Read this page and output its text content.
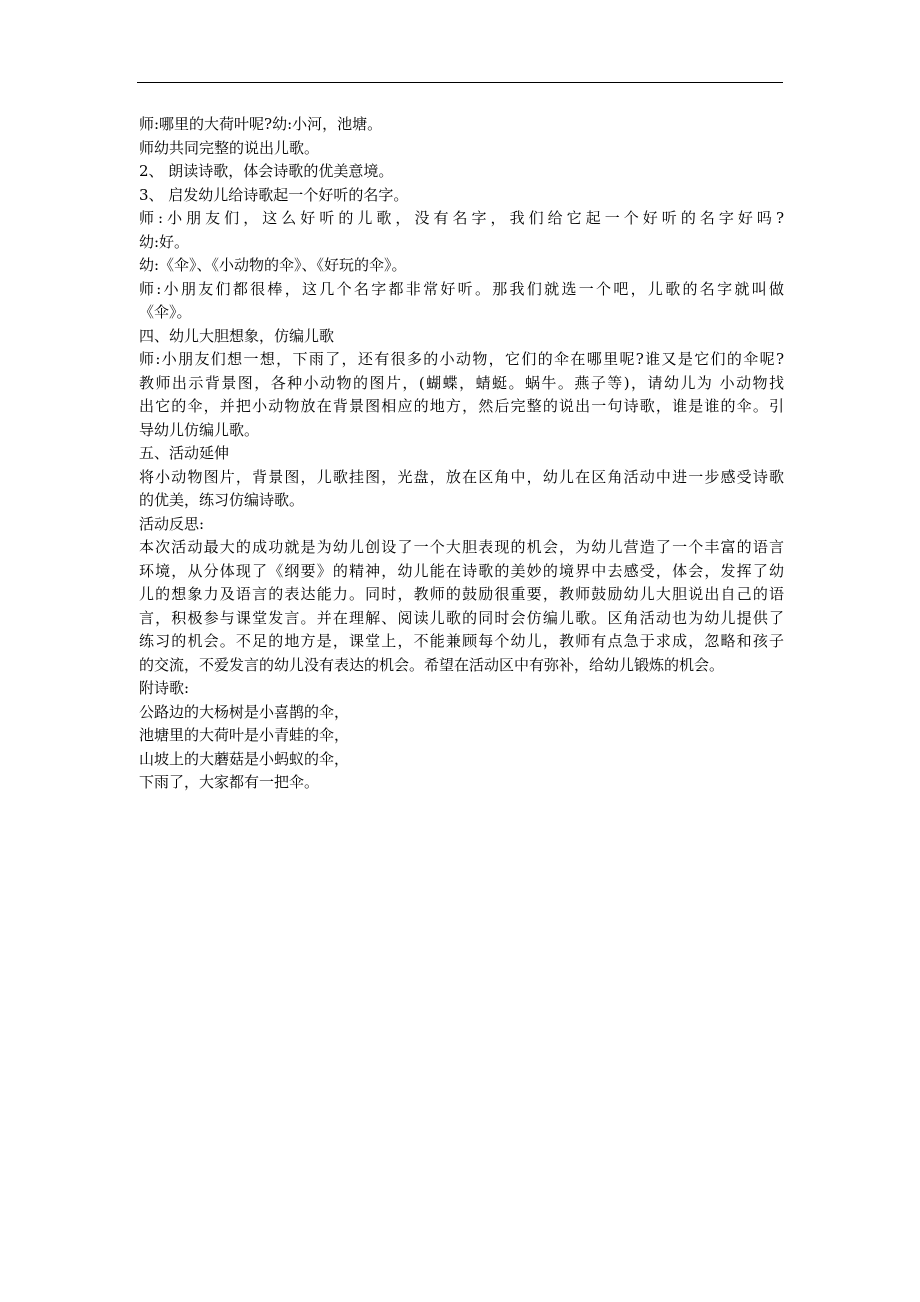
师:哪里的大荷叶呢?幼:小河，池塘。
师幼共同完整的说出儿歌。
2、 朗读诗歌，体会诗歌的优美意境。
3、 启发幼儿给诗歌起一个好听的名字。
师:小朋友们，这么好听的儿歌，没有名字，我们给它起一个好听的名字好吗?
幼:好。
幼:《伞》、《小动物的伞》、《好玩的伞》。
师:小朋友们都很棒，这几个名字都非常好听。那我们就选一个吧，儿歌的名字就叫做
《伞》。
四、幼儿大胆想象，仿编儿歌
师:小朋友们想一想，下雨了，还有很多的小动物，它们的伞在哪里呢?谁又是它们的伞呢?
教师出示背景图，各种小动物的图片，(蝴蝶，蜻蜓。蜗牛。燕子等)，请幼儿为 小动物找
出它的伞，并把小动物放在背景图相应的地方，然后完整的说出一句诗歌，谁是谁的伞。引
导幼儿仿编儿歌。
五、活动延伸
将小动物图片，背景图，儿歌挂图，光盘，放在区角中，幼儿在区角活动中进一步感受诗歌
的优美，练习仿编诗歌。
活动反思:
本次活动最大的成功就是为幼儿创设了一个大胆表现的机会，为幼儿营造了一个丰富的语言
环境，从分体现了《纲要》的精神，幼儿能在诗歌的美妙的境界中去感受，体会，发挥了幼
儿的想象力及语言的表达能力。同时，教师的鼓励很重要，教师鼓励幼儿大胆说出自己的语
言，积极参与课堂发言。并在理解、阅读儿歌的同时会仿编儿歌。区角活动也为幼儿提供了
练习的机会。不足的地方是，课堂上，不能兼顾每个幼儿，教师有点急于求成，忽略和孩子
的交流，不爱发言的幼儿没有表达的机会。希望在活动区中有弥补，给幼儿锻炼的机会。
附诗歌:
公路边的大杨树是小喜鹊的伞，
池塘里的大荷叶是小青蛙的伞，
山坡上的大蘑菇是小蚂蚁的伞，
下雨了，大家都有一把伞。
